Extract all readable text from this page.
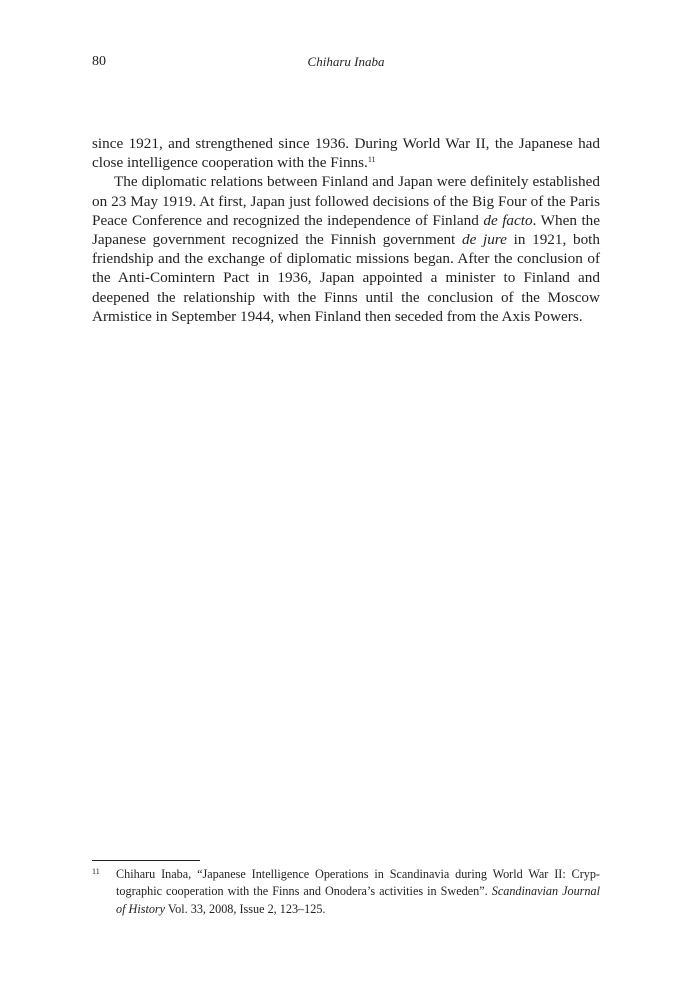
80	Chiharu Inaba

since 1921, and strengthened since 1936. During World War II, the Japanese had close intelligence cooperation with the Finns.$^{11}$

The diplomatic relations between Finland and Japan were definitely established on 23 May 1919. At first, Japan just followed decisions of the Big Four of the Paris Peace Conference and recognized the independence of Finland de facto. When the Japanese government recognized the Finnish government de jure in 1921, both friendship and the exchange of diplomatic missions began. After the conclusion of the Anti-Comintern Pact in 1936, Japan appointed a minister to Finland and deepened the relationship with the Finns until the conclusion of the Moscow Armistice in September 1944, when Finland then seceded from the Axis Powers.

11 Chiharu Inaba, “Japanese Intelligence Operations in Scandinavia during World War II: Cryp-tographic cooperation with the Finns and Onodera’s activities in Sweden”. Scandinavian Journal of History Vol. 33, 2008, Issue 2, 123–125.
